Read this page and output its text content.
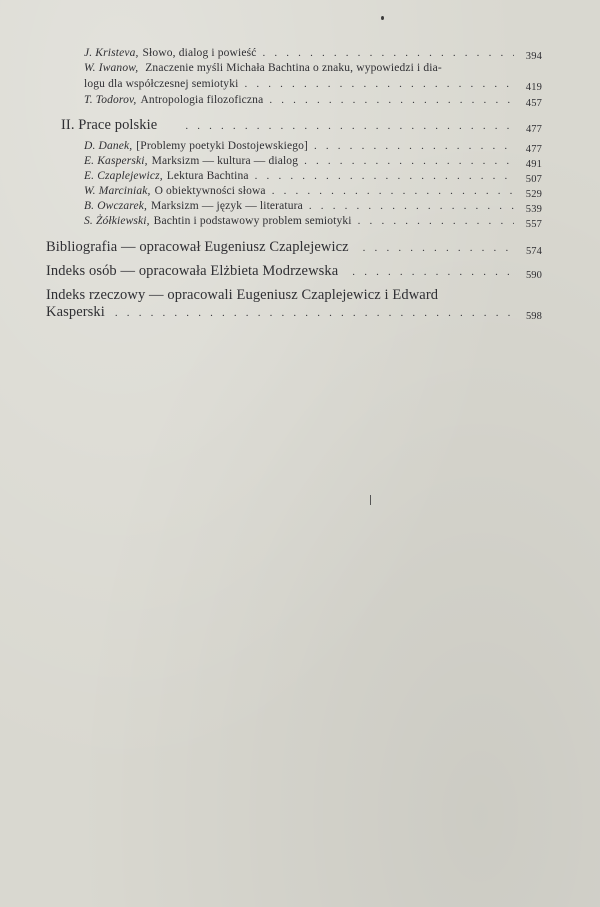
J. Kristeva, Słowo, dialog i powieść . . .	394
W. Iwanow, Znaczenie myśli Michała Bachtina o znaku, wypowiedzi i dia-
logu dla współczesnej semiotyki . . .	419
T. Todorov, Antropologia filozoficzna . . .	457
II. Prace polskie . . .	477
D. Danek, [Problemy poetyki Dostojewskiego] . . .	477
E. Kasperski, Marksizm — kultura — dialog . . .	491
E. Czaplejewicz, Lektura Bachtina . . .	507
W. Marciniak, O obiektywności słowa . . .	529
B. Owczarek, Marksizm — język — literatura . . .	539
S. Żółkiewski, Bachtin i podstawowy problem semiotyki . . .	557
Bibliografia — opracował Eugeniusz Czaplejewicz . . .	574
Indeks osób — opracowała Elżbieta Modrzewska . . .	590
Indeks rzeczowy — opracowali Eugeniusz Czaplejewicz i Edward
Kasperski . . .	598
